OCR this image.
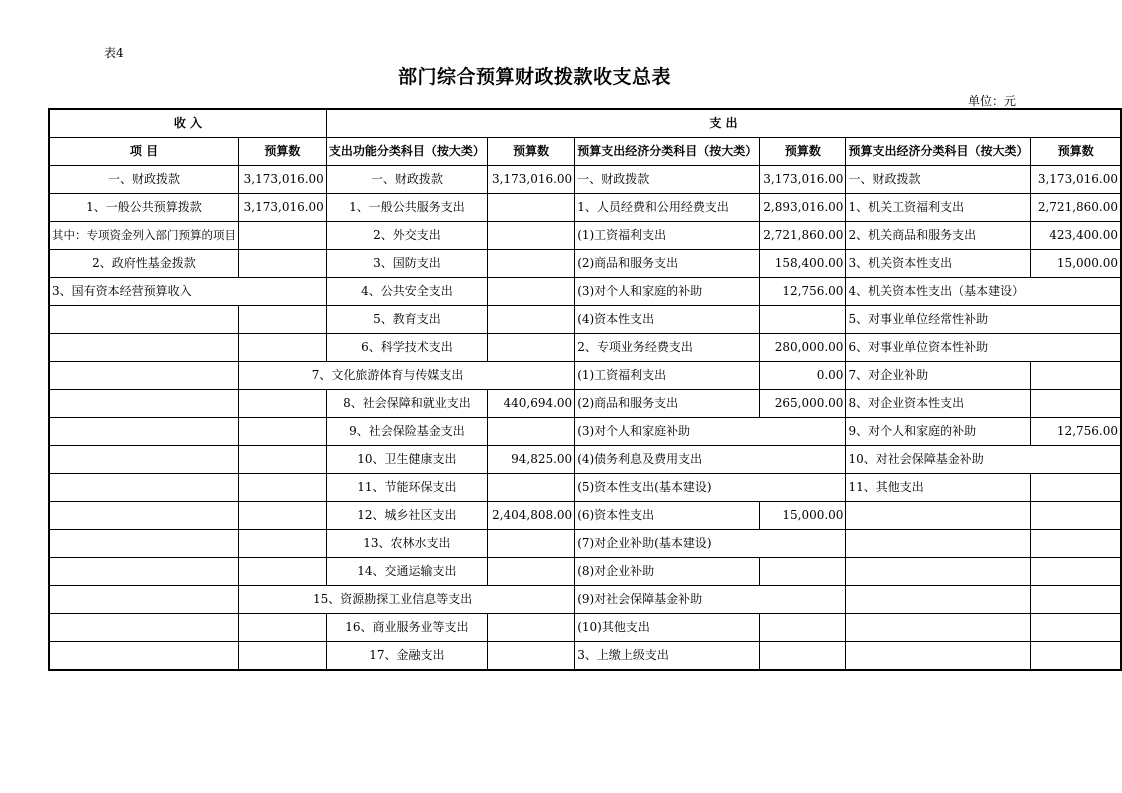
表4
部门综合预算财政拨款收支总表
单位：元
收 入		支 出					
项 目	预算数	支出功能分类科目（按大类）	预算数	预算支出经济分类科目（按大类）	预算数	预算支出经济分类科目（按大类）	预算数
一、财政拨款	3,173,016.00	一、财政拨款	3,173,016.00	一、财政拨款	3,173,016.00	一、财政拨款	3,173,016.00
1、一般公共预算拨款	3,173,016.00	1、一般公共服务支出		1、人员经费和公用经费支出	2,893,016.00	1、机关工资福利支出	2,721,860.00
其中：专项资金列入部门预算的项目		2、外交支出		(1)工资福利支出	2,721,860.00	2、机关商品和服务支出	423,400.00
2、政府性基金拨款		3、国防支出		(2)商品和服务支出	158,400.00	3、机关资本性支出	15,000.00
3、国有资本经营预算收入		4、公共安全支出		(3)对个人和家庭的补助	12,756.00	4、机关资本性支出（基本建设）	
		5、教育支出		(4)资本性支出		5、对事业单位经常性补助	
		6、科学技术支出		2、专项业务经费支出	280,000.00	6、对事业单位资本性补助	
	7、文化旅游体育与传媒支出			(1)工资福利支出	0.00	7、对企业补助	
		8、社会保障和就业支出	440,694.00	(2)商品和服务支出	265,000.00	8、对企业资本性支出	
		9、社会保险基金支出		(3)对个人和家庭补助		9、对个人和家庭的补助	12,756.00
		10、卫生健康支出	94,825.00	(4)债务利息及费用支出		10、对社会保障基金补助	
		11、节能环保支出		(5)资本性支出(基本建设)		11、其他支出	
		12、城乡社区支出	2,404,808.00	(6)资本性支出	15,000.00		
		13、农林水支出		(7)对企业补助(基本建设)			
		14、交通运输支出		(8)对企业补助			
	15、资源勘探工业信息等支出			(9)对社会保障基金补助			
		16、商业服务业等支出		(10)其他支出			
		17、金融支出		3、上缴上级支出			
